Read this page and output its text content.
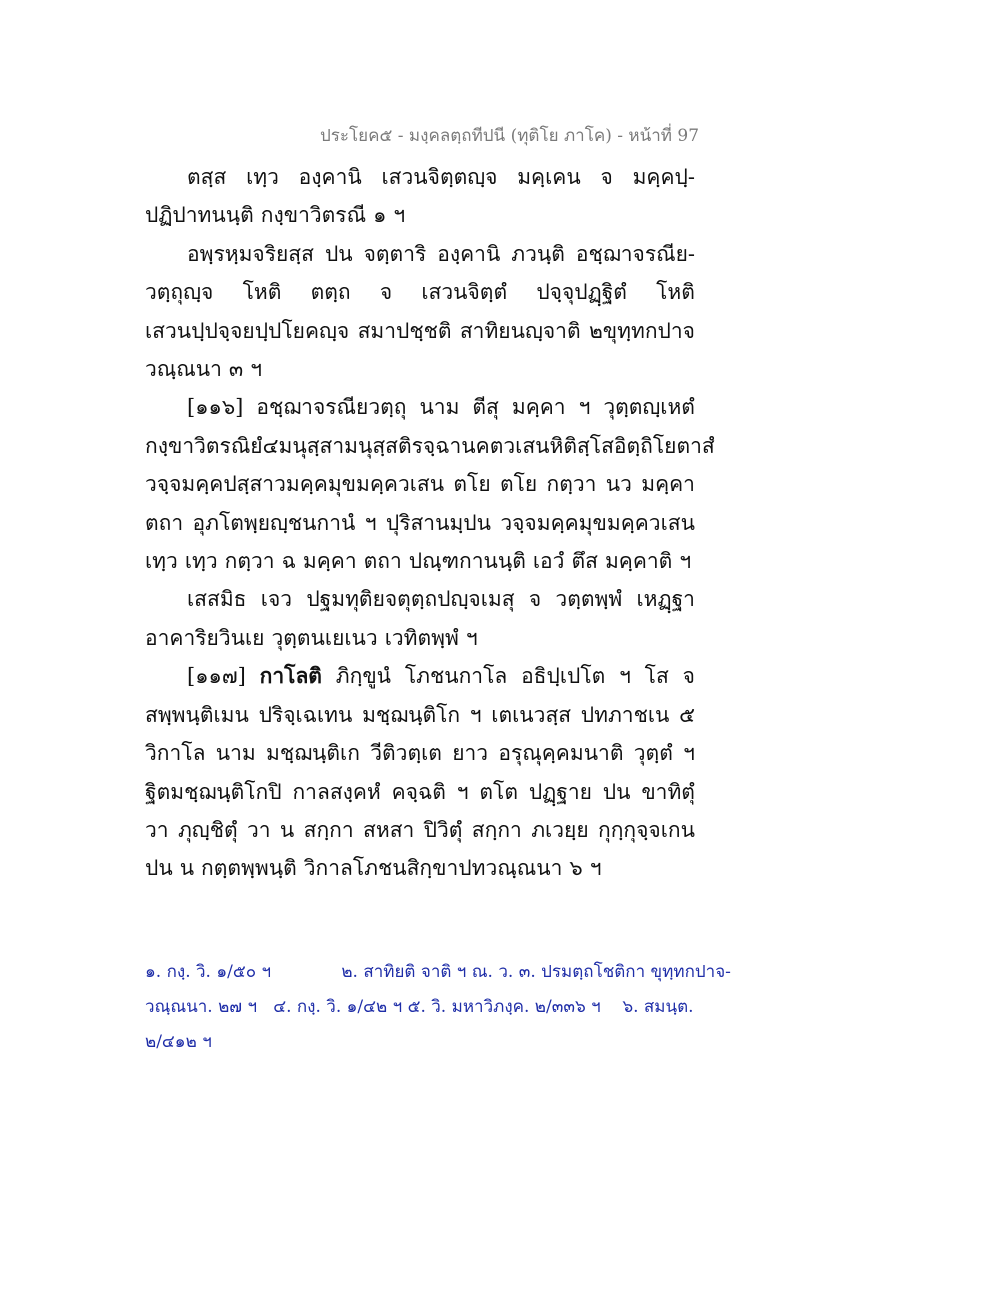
ประโยค๕ - มงฺคลตฺถทีปนี (ทุติโย ภาโค) - หน้าที่ 97
ตสฺส เทฺว องฺคานิ เสวนจิตฺตญฺจ มคฺเคน จ มคฺคปฺ-
ปฏิปาทนนฺติ กงฺขาวิตรณี ๑ ฯ
อพฺรหฺมจริยสฺส ปน จตฺตาริ องฺคานิ ภวนฺติ อชฺฌาจรณีย-
วตฺถุญฺจ โหติ ตตฺถ จ เสวนจิตฺตํ ปจฺจุปฏฺฐิตํ โหติ
เสวนปฺปจฺจยปฺปโยคญฺจ สมาปชฺชติ สาทิยนญฺจาติ ๒ขุทฺทกปาจ
วณฺณนา ๓ ฯ
[๑๑๖] อชฺฌาจรณียวตฺถุ นาม ตีสุ มคฺคา ฯ วุตฺตญฺเหตํ
กงฺขาวิตรณิยํ ๔ มนุสฺสามนุสฺสติรจฺฉานคตวเสน หิ ติสฺโส อิตฺถิโย ตาสํ
วจฺจมคฺคปสฺสาวมคฺคมุขมคฺควเสน ตโย ตโย กตฺวา นว มคฺคา
ตถา อุภโตพฺยญฺชนกานํ ฯ ปุริสานมฺปน วจฺจมคฺคมุขมคฺควเสน
เทฺว เทฺว กตฺวา ฉ มคฺคา ตถา ปณฺฑกานนฺติ เอวํ ตึส มคฺคาติ ฯ
เสสมิธ เจว ปฐมทุติยจตุตฺถปญฺจเมสุ จ วตฺตพฺพํ เหฏฺฐา
อาคาริยวินเย วุตฺตนเยเนว เวทิตพฺพํ ฯ
[๑๑๗] กาโลติ ภิกฺขูนํ โภชนกาโล อธิปฺเปโต ฯ โส จ
สพฺพนฺติเมน ปริจฺเฉเทน มชฺฌนฺติโก ฯ เตเนวสฺส ปทภาชเน ๕
วิกาโล นาม มชฺฌนฺติเก วีติวตฺเต ยาว อรุณุคฺคมนาติ วุตฺตํ ฯ
ฐิตมชฺฌนฺติโกปิ กาลสงฺคหํ คจฺฉติ ฯ ตโต ปฏฺฐาย ปน ขาทิตุํ
วา ภุญฺชิตุํ วา น สกฺกา สหสา ปิวิตุํ สกฺกา ภเวยฺย กุกฺกุจฺจเกน
ปน น กตฺตพฺพนฺติ วิกาลโภชนสิกฺขาปทวณฺณนา ๖ ฯ
๑. กงฺ. วิ. ๑/๕๐ ฯ             ๒. สาทิยติ จาติ ฯ ณ. ว. ๓. ปรมตฺถโชติกา ขุทฺทกปาจ-
วณฺณนา. ๒๗ ฯ   ๔. กงฺ. วิ. ๑/๔๒ ฯ ๕. วิ. มหาวิภงฺค. ๒/๓๓๖ ฯ    ๖. สมนฺต.
๒/๔๑๒ ฯ
